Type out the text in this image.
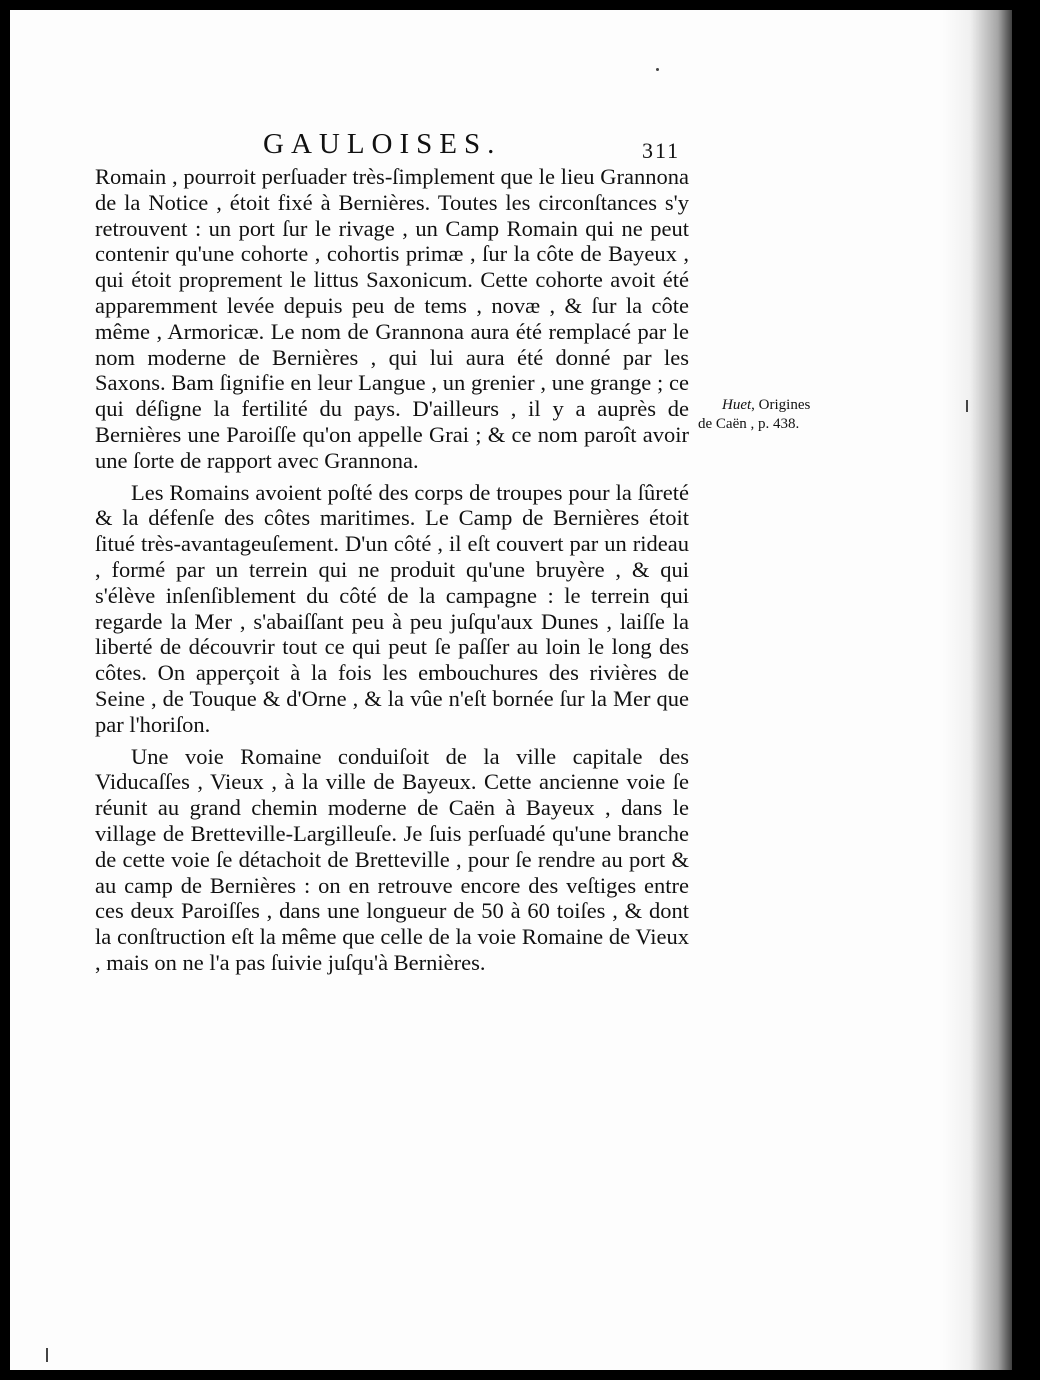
GAULOISES.	311

Romain , pourroit perſuader très-ſimplement que le lieu Grannona de la Notice , étoit fixé à Bernières. Toutes les circonſtances s'y retrouvent : un port ſur le rivage , un Camp Romain qui ne peut contenir qu'une cohorte , cohortis primæ , ſur la côte de Bayeux , qui étoit proprement le littus Saxonicum. Cette cohorte avoit été apparemment levée depuis peu de tems , novæ , & ſur la côte même , Armoricæ. Le nom de Grannona aura été remplacé par le nom moderne de Bernières , qui lui aura été donné par les Saxons. Bam ſignifie en leur Langue , un grenier , une grange ; ce qui déſigne la fertilité du pays. D'ailleurs , il y a auprès de Bernières une Paroiſſe qu'on appelle Grai ; & ce nom paroît avoir une ſorte de rapport avec Grannona.

Les Romains avoient poſté des corps de troupes pour la ſûreté & la défenſe des côtes maritimes. Le Camp de Bernières étoit ſitué très-avantageuſement. D'un côté , il eſt couvert par un rideau , formé par un terrein qui ne produit qu'une bruyère , & qui s'élève inſenſiblement du côté de la campagne : le terrein qui regarde la Mer , s'abaiſſant peu à peu juſqu'aux Dunes , laiſſe la liberté de découvrir tout ce qui peut ſe paſſer au loin le long des côtes. On apperçoit à la fois les embouchures des rivières de Seine , de Touque & d'Orne , & la vûe n'eſt bornée ſur la Mer que par l'horiſon.

Une voie Romaine conduiſoit de la ville capitale des Viducaſſes , Vieux , à la ville de Bayeux. Cette ancienne voie ſe réunit au grand chemin moderne de Caën à Bayeux , dans le village de Bretteville-Largilleuſe. Je ſuis perſuadé qu'une branche de cette voie ſe détachoit de Bretteville , pour ſe rendre au port & au camp de Bernières : on en retrouve encore des veſtiges entre ces deux Paroiſſes , dans une longueur de 50 à 60 toiſes , & dont la conſtruction eſt la même que celle de la voie Romaine de Vieux , mais on ne l'a pas ſuivie juſqu'à Bernières.

Huet, Origines
de Caën , p. 438.
